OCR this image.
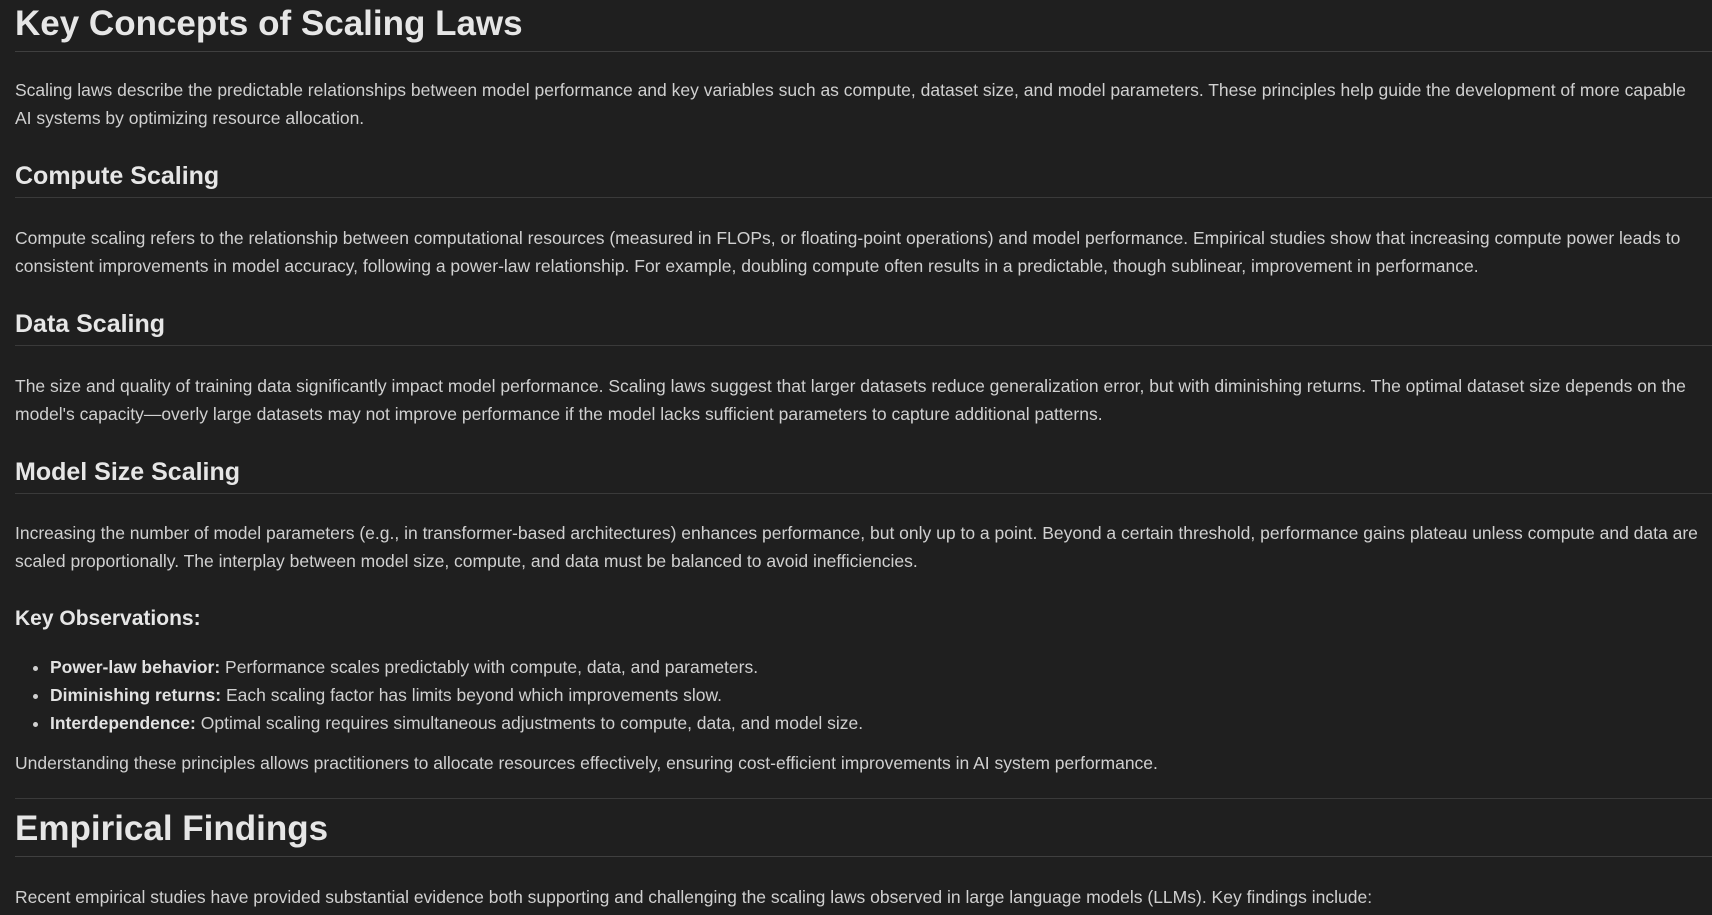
Key Concepts of Scaling Laws

Scaling laws describe the predictable relationships between model performance and key variables such as compute, dataset size, and model parameters. These principles help guide the development of more capable AI systems by optimizing resource allocation.

Compute Scaling

Compute scaling refers to the relationship between computational resources (measured in FLOPs, or floating-point operations) and model performance. Empirical studies show that increasing compute power leads to consistent improvements in model accuracy, following a power-law relationship. For example, doubling compute often results in a predictable, though sublinear, improvement in performance.

Data Scaling

The size and quality of training data significantly impact model performance. Scaling laws suggest that larger datasets reduce generalization error, but with diminishing returns. The optimal dataset size depends on the model's capacity—overly large datasets may not improve performance if the model lacks sufficient parameters to capture additional patterns.

Model Size Scaling

Increasing the number of model parameters (e.g., in transformer-based architectures) enhances performance, but only up to a point. Beyond a certain threshold, performance gains plateau unless compute and data are scaled proportionally. The interplay between model size, compute, and data must be balanced to avoid inefficiencies.

Key Observations:
• Power-law behavior: Performance scales predictably with compute, data, and parameters.
• Diminishing returns: Each scaling factor has limits beyond which improvements slow.
• Interdependence: Optimal scaling requires simultaneous adjustments to compute, data, and model size.

Understanding these principles allows practitioners to allocate resources effectively, ensuring cost-efficient improvements in AI system performance.

Empirical Findings

Recent empirical studies have provided substantial evidence both supporting and challenging the scaling laws observed in large language models (LLMs). Key findings include:
